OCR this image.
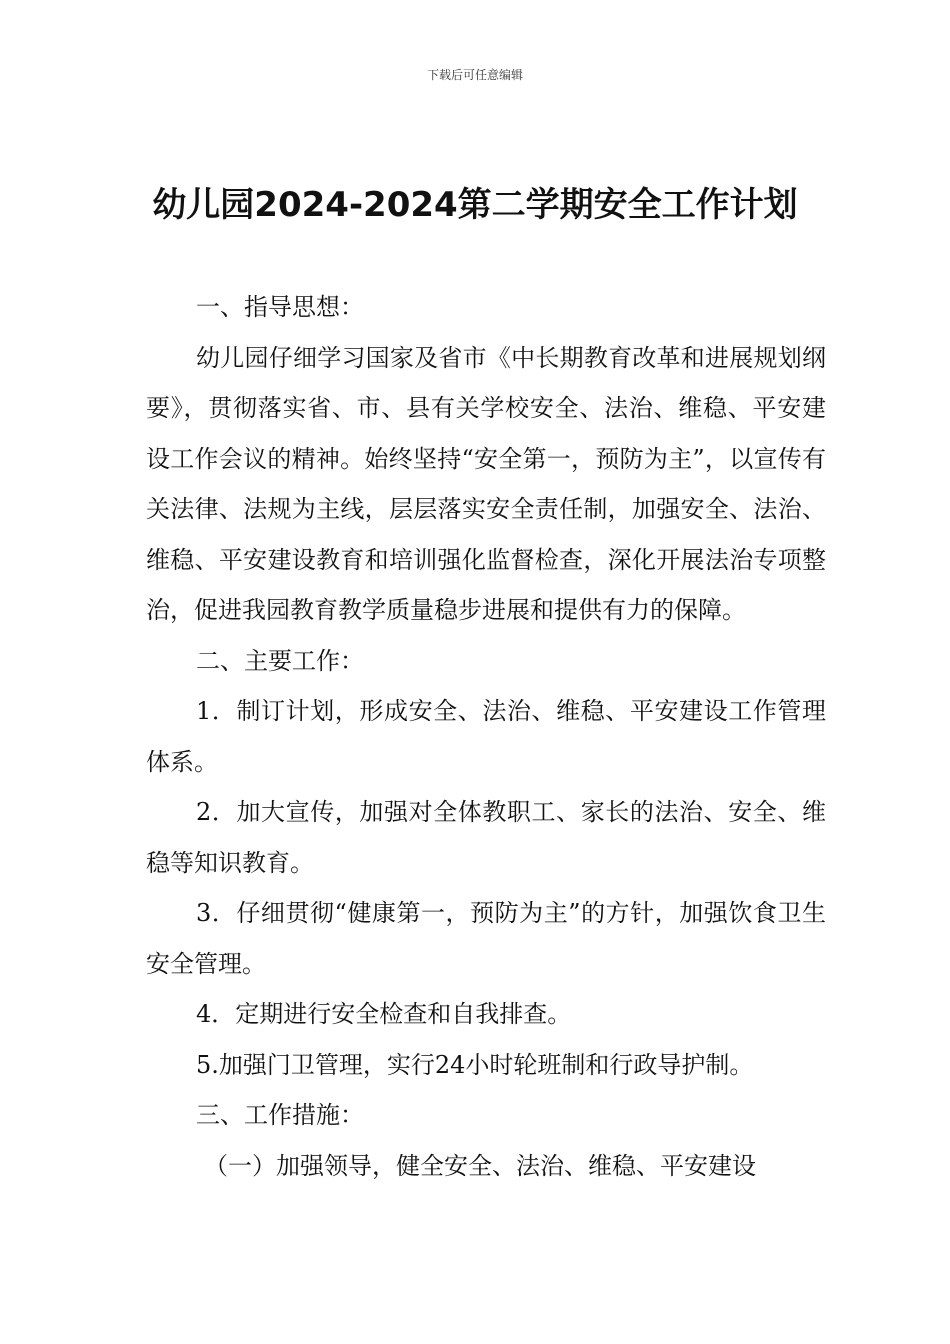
下载后可任意编辑
幼儿园2024-2024第二学期安全工作计划

一、指导思想：

幼儿园仔细学习国家及省市《中长期教育改革和进展规划纲要》，贯彻落实省、市、县有关学校安全、法治、维稳、平安建设工作会议的精神。始终坚持“安全第一，预防为主”，以宣传有关法律、法规为主线，层层落实安全责任制，加强安全、法治、维稳、平安建设教育和培训强化监督检查，深化开展法治专项整治，促进我园教育教学质量稳步进展和提供有力的保障。

二、主要工作：

1．制订计划，形成安全、法治、维稳、平安建设工作管理体系。

2．加大宣传，加强对全体教职工、家长的法治、安全、维稳等知识教育。

3．仔细贯彻“健康第一，预防为主”的方针，加强饮食卫生安全管理。

4．定期进行安全检查和自我排查。

5.加强门卫管理，实行24小时轮班制和行政导护制。

三、工作措施：

（一）加强领导，健全安全、法治、维稳、平安建设
